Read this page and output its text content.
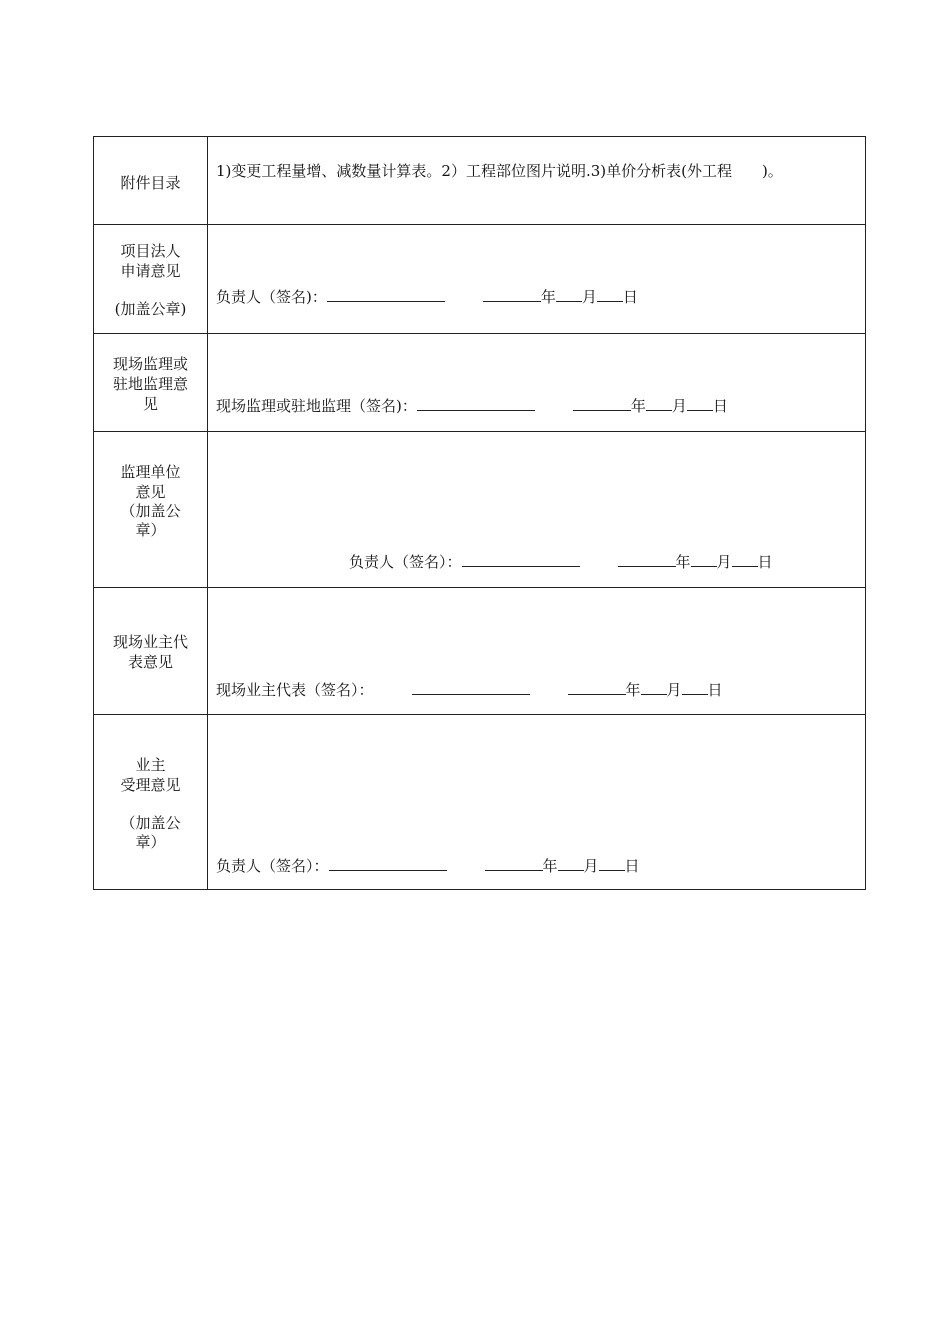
附件目录	1)变更工程量增、减数量计算表。2）工程部位图片说明.3)单价分析表(外工程　　)。

项目法人
申请意见
(加盖公章)	负责人（签名)： 年 月 日

现场监理或
驻地监理意
见	现场监理或驻地监理（签名)： 年 月 日

监理单位
意见
（加盖公
章）	负责人（签名）： 年 月 日

现场业主代
表意见	现场业主代表（签名）： 年 月 日

业主
受理意见
（加盖公
章）	负责人（签名）： 年 月 日
